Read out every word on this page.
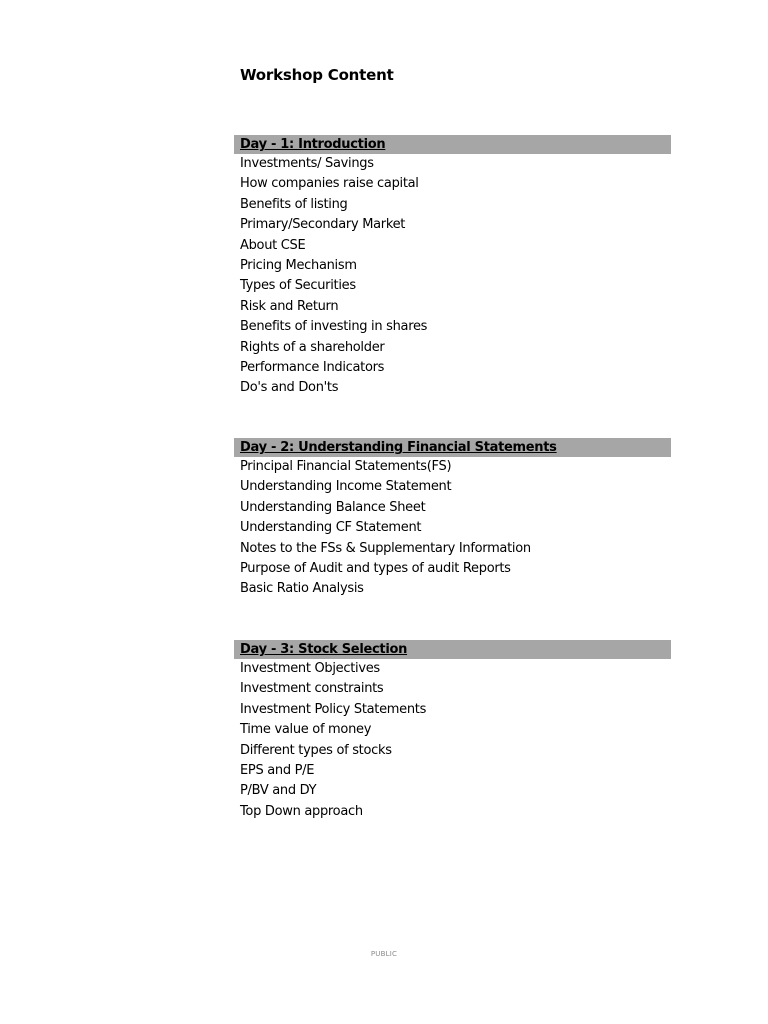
Workshop Content
Day - 1: Introduction
Investments/ Savings
How companies raise capital
Benefits of listing
Primary/Secondary Market
About CSE
Pricing Mechanism
Types of Securities
Risk and Return
Benefits of investing in shares
Rights of a shareholder
Performance Indicators
Do's and Don'ts
Day - 2: Understanding Financial Statements
Principal Financial Statements(FS)
Understanding Income Statement
Understanding Balance Sheet
Understanding CF Statement
Notes to the FSs & Supplementary Information
Purpose of Audit and types of audit Reports
Basic Ratio Analysis
Day - 3: Stock Selection
Investment Objectives
Investment constraints
Investment Policy Statements
Time value of money
Different types of stocks
EPS and P/E
P/BV and DY
Top Down approach
PUBLIC
